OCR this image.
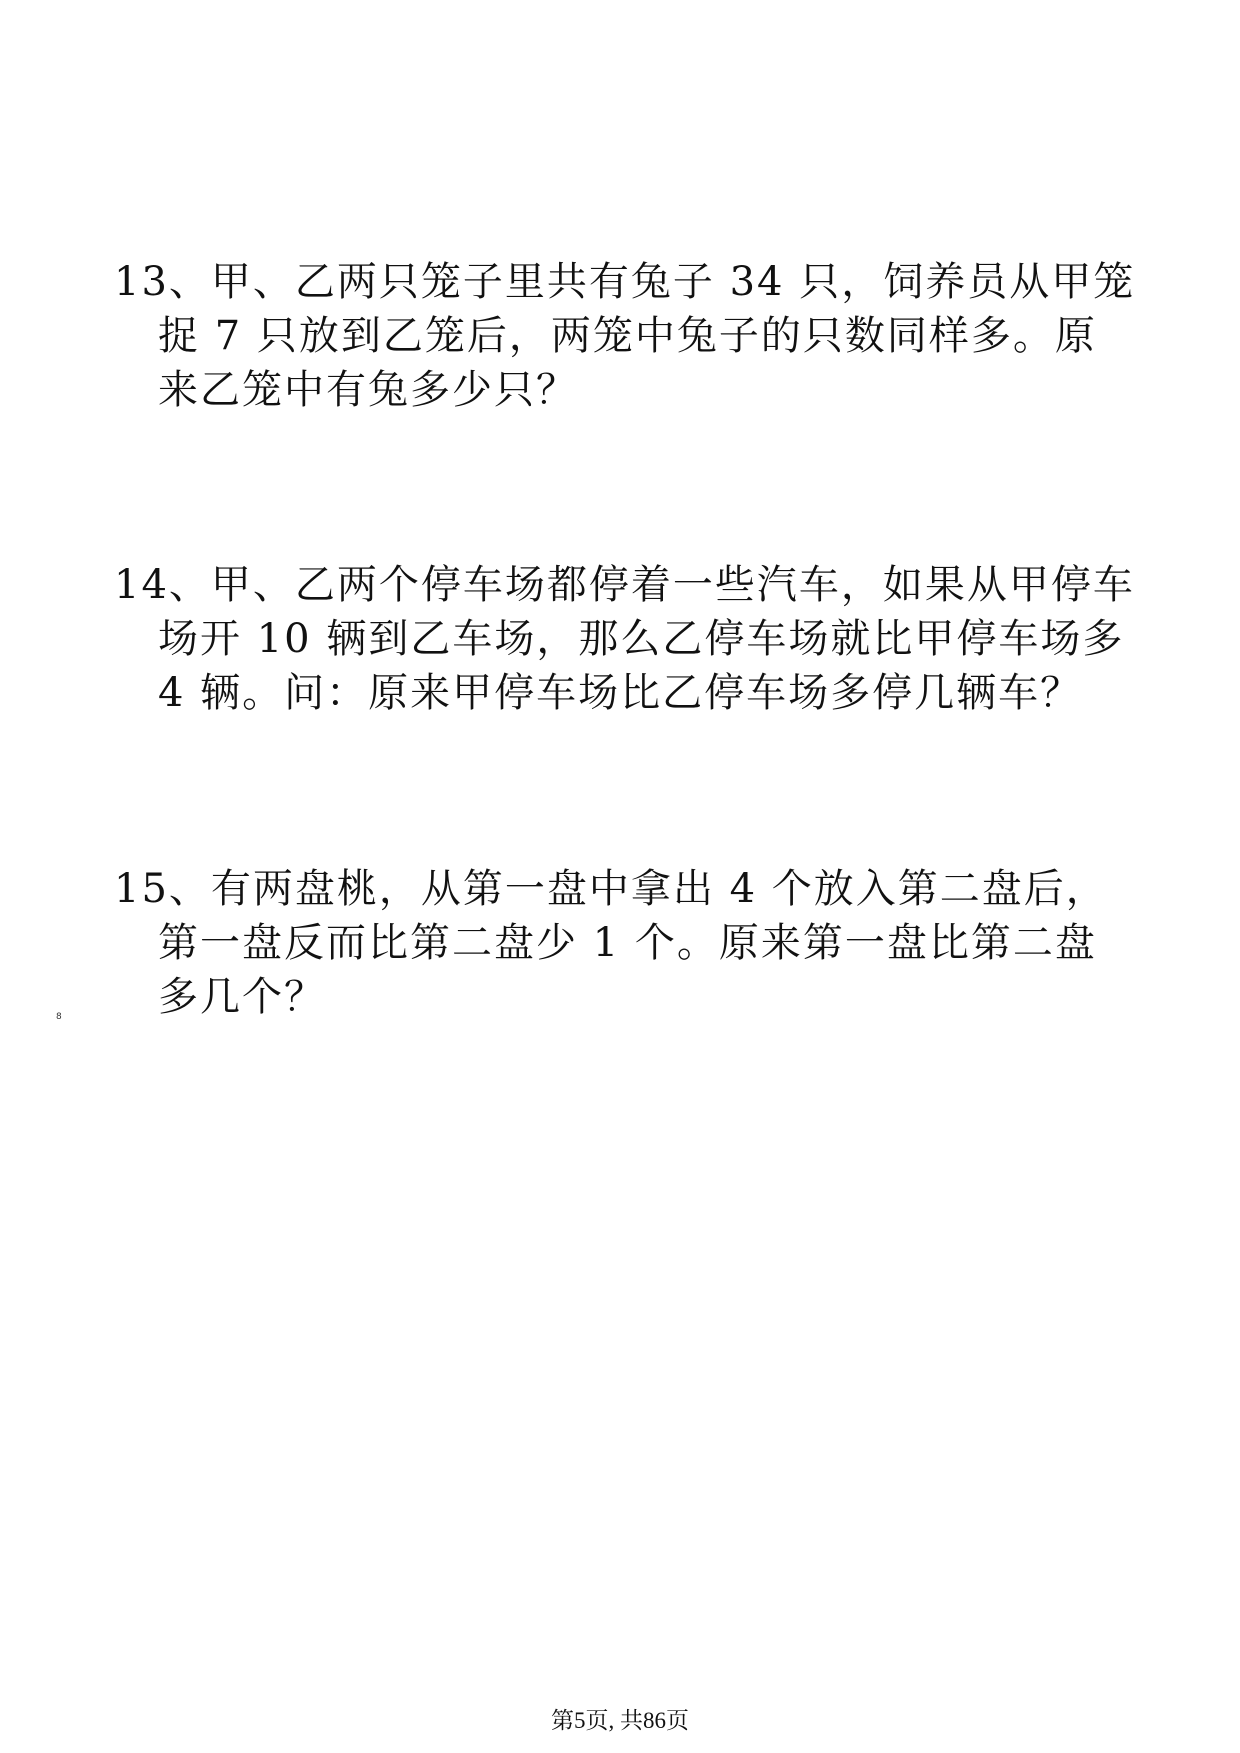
13、甲、乙两只笼子里共有兔子 34 只，饲养员从甲笼
捉 7 只放到乙笼后，两笼中兔子的只数同样多。原
来乙笼中有兔多少只？
14、甲、乙两个停车场都停着一些汽车，如果从甲停车
场开 10 辆到乙车场，那么乙停车场就比甲停车场多
4 辆。问：原来甲停车场比乙停车场多停几辆车？
15、有两盘桃，从第一盘中拿出 4 个放入第二盘后，
第一盘反而比第二盘少 1 个。原来第一盘比第二盘
多几个？
8
第5页, 共86页
